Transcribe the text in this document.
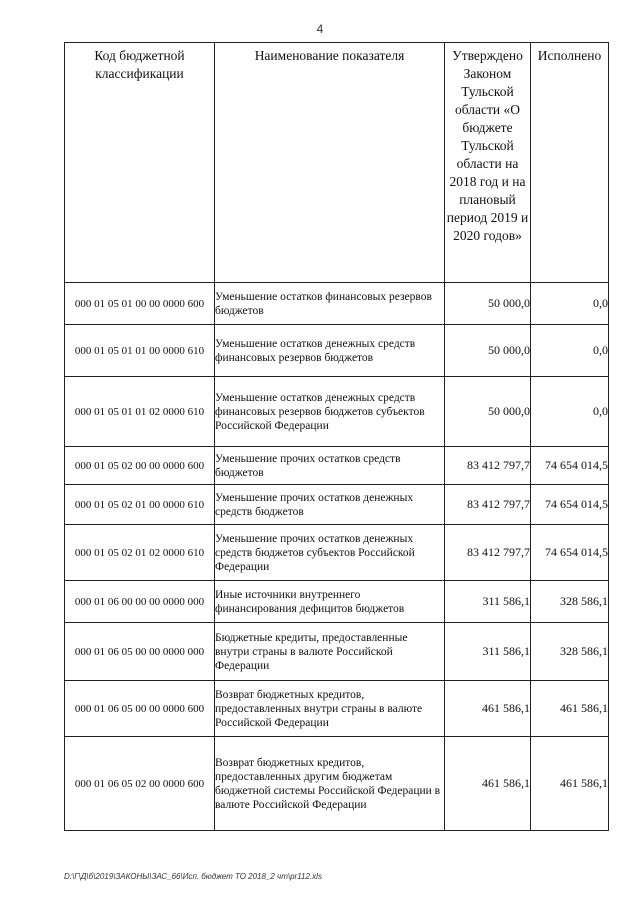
4
Код бюджетной классификации	Наименование показателя	Утверждено Законом Тульской области «О бюджете Тульской области на 2018 год и на плановый период 2019 и 2020 годов»	Исполнено
000 01 05 01 00 00 0000 600	Уменьшение остатков финансовых резервов бюджетов	50 000,0	0,0
000 01 05 01 01 00 0000 610	Уменьшение остатков денежных средств финансовых резервов бюджетов	50 000,0	0,0
000 01 05 01 01 02 0000 610	Уменьшение остатков денежных средств финансовых резервов бюджетов субъектов Российской Федерации	50 000,0	0,0
000 01 05 02 00 00 0000 600	Уменьшение прочих остатков средств бюджетов	83 412 797,7	74 654 014,5
000 01 05 02 01 00 0000 610	Уменьшение прочих остатков денежных средств бюджетов	83 412 797,7	74 654 014,5
000 01 05 02 01 02 0000 610	Уменьшение прочих остатков денежных средств бюджетов субъектов Российской Федерации	83 412 797,7	74 654 014,5
000 01 06 00 00 00 0000 000	Иные источники внутреннего финансирования дефицитов бюджетов	311 586,1	328 586,1
000 01 06 05 00 00 0000 000	Бюджетные кредиты, предоставленные внутри страны в валюте Российской Федерации	311 586,1	328 586,1
000 01 06 05 00 00 0000 600	Возврат бюджетных кредитов, предоставленных внутри страны в валюте Российской Федерации	461 586,1	461 586,1
000 01 06 05 02 00 0000 600	Возврат бюджетных кредитов, предоставленных другим бюджетам бюджетной системы Российской Федерации в валюте Российской Федерации	461 586,1	461 586,1
D:\Г\Д\б\2019\ЗАКОНЫ\ЗАС_66\Исп. бюджет ТО 2018_2 чт\pr112.xls
